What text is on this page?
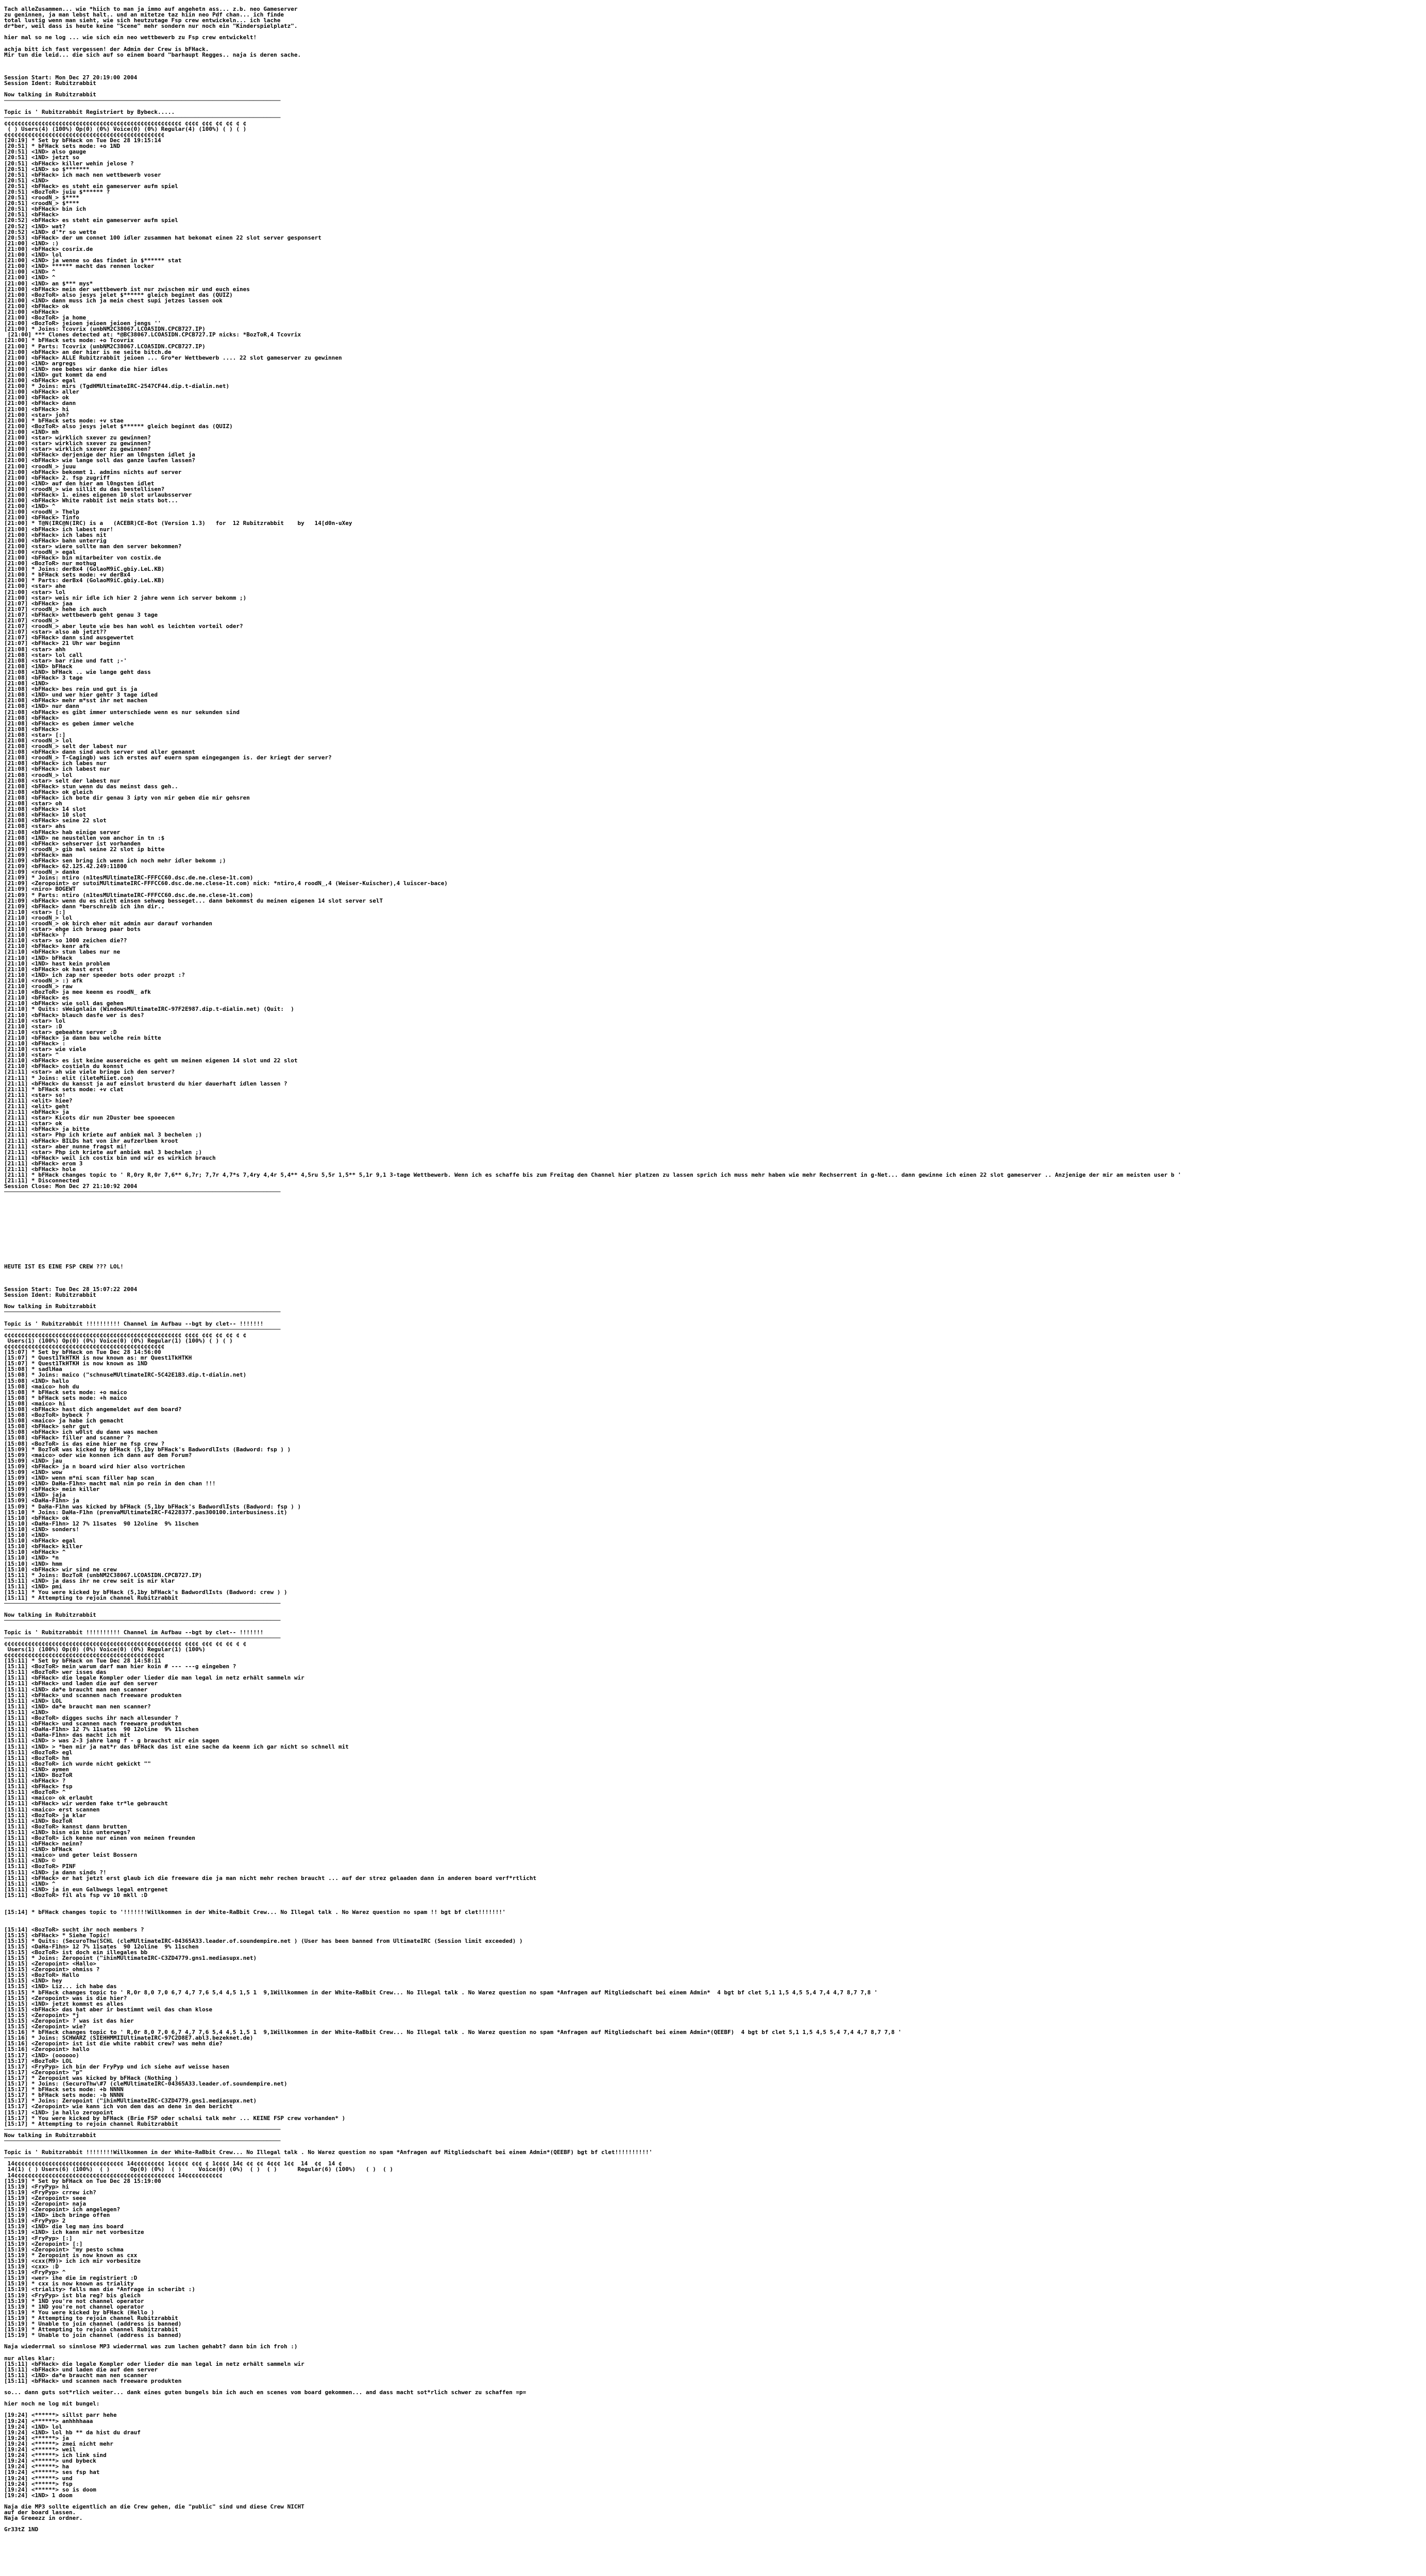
Tach alleZusammen... wie *hiich to man ja immo auf angehetn ass... z.b. neo Gameserver
zu geninnen, ja man lebst halt.. und an mitetze taz hiin neo Pdf chan... ich finde
total lustig wenn man sieht, wie sich heutzutage Fsp crew entwickeln... ich lache
dr*ber, weil dass is heute keine "Scene" mehr sondern nur noch ein "Kinderspielplatz".

hier mal so ne log ... wie sich ein neo wettbewerb zu Fsp crew entwickelt!

achja bitt ich fast vergessen! der Admin der Crew is bFHack.
Mir tun die leid... die sich auf so einem board "barhaupt Regges.. naja is deren sache.

Session Start: Mon Dec 27 20:19:00 2004
Session Ident: Rubitzrabbit

Now talking in Rubitzrabbit
─────────────────────────────────────────────────────────────────────────────────

Topic is ' Rubitzrabbit Registriert by Bybeck.....
─────────────────────────────────────────────────────────────────────────────────
¢¢¢¢¢¢¢¢¢¢¢¢¢¢¢¢¢¢¢¢¢¢¢¢¢¢¢¢¢¢¢¢¢¢¢¢¢¢¢¢¢¢¢¢¢¢¢¢¢¢¢¢ ¢¢¢¢ ¢¢¢ ¢¢ ¢¢ ¢ ¢
( ) Users(4) (100%) Op(0) (0%) Voice(0) (0%) Regular(4) (100%) ( ) ( )
¢¢¢¢¢¢¢¢¢¢¢¢¢¢¢¢¢¢¢¢¢¢¢¢¢¢¢¢¢¢¢¢¢¢¢¢¢¢¢¢¢¢¢¢¢¢¢
[20:19] * Set by bFHack on Tue Dec 28 19:15:14
[20:51] * bFHack sets mode: +o 1ND
[20:51] <1ND> also gauge
[20:51] <1ND> jetzt so
[20:51] <bFHack> killer wehin jelose ?
[20:51] <1ND> so $*******
[20:51] <bFHack> ich mach nen wettbewerb voser
[20:51] <1ND>
[20:51] <bFHack> es steht ein gameserver aufm spiel
[20:51] <BozToR> juiu $****** ?
[20:51] <roodN_> $****
[20:51] <roodN_> $****
[20:51] <bFHack> bin ich
[20:51] <bFHack>
[20:52] <bFHack> es steht ein gameserver aufm spiel
[20:52] <1ND> wat?
[20:52] <1ND> d'*r so wette
[20:53] <bFHack> der um connet 100 idler zusammen hat bekomat einen 22 slot server gesponsert
[21:00] <1ND> :)
[21:00] <bFHack> cosrix.de
[21:00] <1ND> lol
[21:00] <1ND> ja wenne so das findet in $****** stat
[21:00] <1ND> ****** macht das rennen locker
[21:00] <1ND> ^
[21:00] <1ND> ^
[21:00] <1ND> an $*** mys*
[21:00] <bFHack> mein der wettbewerb ist nur zwischen mir und euch eines
[21:00] <BozToR> also jesys jelet $****** gleich beginnt das (QUIZ)
[21:00] <1ND> dann muss ich ja mein chest supi jetzes lassen ook
[21:00] <bFHack> ok
[21:00] <bFHack>
[21:00] <BozToR> ja home
[21:00] <BozToR> jeioen jeioen jeioen jengs ''
[21:00] * Joins: Tcovrix (unbNM2C38067.LCOA5IDN.CPCB727.IP)
[21:00] *** Clones detected at: *@BC38067.LCOA5IDN.CPCB727.IP nicks: *BozToR,4 Tcovrix
[21:00] * bFHack sets mode: +o Tcovrix
[21:00] * Parts: Tcovrix (unbNM2C38067.LCOA5IDN.CPCB727.IP)
[21:00] <bFHack> an der hier is ne seite bitch.de
[21:00] <bFHack> ALLE Rubitzrabbit jeioen ... Gro*er Wettbewerb .... 22 slot gameserver zu gewinnen
[21:00] <1ND> argregs
[21:00] <1ND> nee bebes wir danke die hier idles
[21:00] <1ND> gut kommt da end
[21:00] <bFHack> egal
[21:00] * Joins: mirs (TgdHMUltimateIRC-2547CF44.dip.t-dialin.net)
[21:00] <bFHack> aller
[21:00] <bFHack> ok
[21:00] <bFHack> dann
[21:00] <bFHack> hi
[21:00] <star> joh?
[21:00] * bFHack sets mode: +v stae
[21:00] <BozToR> also jesys jelet $****** gleich beginnt das (QUIZ)
[21:00] <1ND> mh
[21:00] <star> wirklich sxever zu gewinnen?
[21:00] <star> wirklich sxever zu gewinnen?
[21:00] <star> wirklich sxever zu gewinnen?
[21:00] <bFHack> derjenige der hier am l0ngsten idlet ja
[21:00] <bFHack> wie lange soll das ganze laufen lassen?
[21:00] <roodN_> juuu
[21:00] <bFHack> bekommt 1. admins nichts auf server
[21:00] <bFHack> 2. fsp zugriff
[21:00] <1ND> auf den hier am l0ngsten idlet
[21:00] <roodN_> wie sillit du das bestellisen?
[21:00] <bFHack> 1. eines eigenen 10 slot urlaubsserver
[21:00] <bFHack> White rabbit ist mein stats bot...
[21:00] <1ND> ^
[21:00] <roodN_> Thelp
[21:00] <bFHack> Tinfo
[21:00] * T@N(IRC@N(IRC) is a   (ACEBR)CE-Bot (Version 1.3)   for  12 Rubitzrabbit    by   14[d0n-uXey
[21:00] <bFHack> ich labest nur!
[21:00] <bFHack> ich labes nit
[21:00] <bFHack> bahn unterrig
[21:00] <star> wiere sollte man den server bekommen?
[21:00] <roodN_> egal
[21:00] <bFHack> bin mitarbeiter von costix.de
[21:00] <BozToR> nur mothug
[21:00] * Joins: derBx4 (GolaoM9iC.gbiy.LeL.KB)
[21:00] * bFHack sets mode: +v derBx4
[21:00] * Parts: derBx4 (GolaoM9iC.gbiy.LeL.KB)
[21:00] <star> ahe
[21:00] <star> lol
[21:00] <star> weis nir idle ich hier 2 jahre wenn ich server bekomm ;)
[21:07] <bFHack> jaa
[21:07] <roodN_> hehe ich auch
[21:07] <bFHack> wettbewerb geht genau 3 tage
[21:07] <roodN_>
[21:07] <roodN_> aber leute wie bes han wohl es leichten vorteil oder?
[21:07] <star> also ab jetzt??
[21:07] <bFHack> dann sind ausgewertet
[21:07] <bFHack> 21 Uhr war beginn
[21:08] <star> ahh
[21:08] <star> lol call
[21:08] <star> bar rine und fatt ;-'
[21:08] <1ND> bFHack
[21:08] <1ND> bFHack .. wie lange geht dass
[21:08] <bFHack> 3 tage
[21:08] <1ND>
[21:08] <bFHack> bes rein und gut is ja
[21:08] <1ND> und wer hier gehtr 3 tage idled
[21:08] <bFHack> mehr m*sst ihr net machen
[21:08] <1ND> nur dann
[21:08] <bFHack> es gibt immer unterschiede wenn es nur sekunden sind
[21:08] <bFHack>
[21:08] <bFHack> es geben immer welche
[21:08] <bFHack>
[21:08] <star> [:]
[21:08] <roodN_> lol
[21:08] <roodN_> selt der labest nur
[21:08] <bFHack> dann sind auch server und aller genannt
[21:08] <roodN_> T-Cagingb) was ich erstes auf euern spam eingegangen is. der kriegt der server?
[21:08] <bFHack> ich labes nur
[21:08] <bFHack> ich labest nur
[21:08] <roodN_> lol
[21:08] <star> selt der labest nur
[21:08] <bFHack> stun wenn du das meinst dass geh..
[21:08] <bFHack> ok gleich
[21:08] <bFHack> ich bote dir genau 3 ipty von mir geben die mir gehsren
[21:08] <star> oh
[21:08] <bFHack> 14 slot
[21:08] <bFHack> 10 slot
[21:08] <bFHack> seine 22 slot
[21:08] <star> ahs
[21:08] <bFHack> hab einige server
[21:08] <1ND> ne neustellen vom anchor in tn :$
[21:08] <bFHack> sehserver ist vorhanden
[21:09] <roodN_> gib mal seine 22 slot ip bitte
[21:09] <bFHack> man
[21:09] <bFHack> sen bring ich wenn ich noch mehr idler bekomm ;)
[21:09] <bFHack> 62.125.42.249:11800
[21:09] <roodN_> danke
[21:09] * Joins: ntiro (n1tesMUltimateIRC-FFFCC60.dsc.de.ne.clese-1t.com)
[21:09] <Zeropoint> or sutoiMUltimateIRC-FFFCC60.dsc.de.ne.clese-1t.com) nick: *ntiro,4 roodN_,4 (Weiser-Kuischer),4 luiscer-bace)
[21:09] <niro> BOGEWT
[21:09] * Parts: ntiro (n1tesMUltimateIRC-FFFCC60.dsc.de.ne.clese-1t.com)
[21:09] <bFHack> wenn du es nicht einsen sehweg besseget... dann bekommst du meinen eigenen 14 slot server selT
[21:09] <bFHack> dann *berschreib ich ihn dir..
[21:10] <star> [:]
[21:10] <roodN_> lol
[21:10] <roodN_> ok birch eher mit admin aur darauf vorhanden
[21:10] <star> ehge ich brauog paar bots
[21:10] <bFHack> ?
[21:10] <star> so 1000 zeichen die??
[21:10] <bFHack> kenr afk
[21:10] <bFHack> stun labes nur ne
[21:10] <1ND> bFHack
[21:10] <1ND> hast kein problem
[21:10] <bFHack> ok hast erst
[21:10] <1ND> ich zap ner speeder bots oder prozpt :?
[21:10] <roodN_> :) afk
[21:10] <roodN_> raw
[21:10] <BozToR> ja mee keenm es roodN_ afk
[21:10] <bFHack> es
[21:10] <bFHack> wie soll das gehen
[21:10] * Quits: sWeignlain (WindowsMUltimateIRC-97F2E987.dip.t-dialin.net) (Quit:  )
[21:10] <bFHack> blauch dasfe wer is des?
[21:10] <star> lol
[21:10] <star> :D
[21:10] <star> gebeahte server :D
[21:10] <bFHack> ja dann bau welche rein bitte
[21:10] <bFHack> :
[21:10] <star> wie viele
[21:10] <star> ^
[21:10] <bFHack> es ist keine ausereiche es geht um meinen eigenen 14 slot und 22 slot
[21:10] <bFHack> costieln du konnst
[21:11] <star> ah wie viele bringe ich den server?
[21:11] * Joins: elit (ileteMiiet.com)
[21:11] <bFHack> du kansst ja auf einslot brusterd du hier dauerhaft idlen lassen ?
[21:11] * bFHack sets mode: +v clat
[21:11] <star> so!
[21:11] <elit> hiee?
[21:11] <elit> geht
[21:11] <bFHack> ja
[21:11] <star> Kicots dir nun 2Duster bee spoeecen
[21:11] <star> ok
[21:11] <bFHack> ja bitte
[21:11] <star> Php ich kriete auf anbiek mal 3 bechelen ;)
[21:11] <bFHack> BILDs hat von ihr aufzerlben kroot
[21:11] <star> aber nunne fragst mi!
[21:11] <star> Php ich kriete auf anbiek mal 3 bechelen ;)
[21:11] <bFHack> weil ich costix bin und wir es wirkich brauch
[21:11] <bFHack> erom 3
[21:11] <bFHack> hole
[21:11] * bFHack changes topic to ' R,0ry R,0r 7,6** 6,7r; 7,7r 4,7*s 7,4ry 4,4r 5,4** 4,5ru 5,5r 1,5** 5,1r 9,1 3-tage Wettbewerb. Wenn ich es schaffe bis zum Freitag den Channel hier platzen zu lassen sprich ich muss mehr haben wie mehr Rechserrent in g-Net... dann gewinne ich einen 22 slot gameserver .. Anzjenige der mir am meisten user b '
[21:11] * Disconnected
Session Close: Mon Dec 27 21:10:92 2004
─────────────────────────────────────────────────────────────────────────────────

HEUTE IST ES EINE FSP CREW ??? LOL!

Session Start: Tue Dec 28 15:07:22 2004
Session Ident: Rubitzrabbit

Now talking in Rubitzrabbit
─────────────────────────────────────────────────────────────────────────────────

Topic is ' Rubitzrabbit !!!!!!!!!! Channel im Aufbau --bgt by clet-- !!!!!!!
─────────────────────────────────────────────────────────────────────────────────
¢¢¢¢¢¢¢¢¢¢¢¢¢¢¢¢¢¢¢¢¢¢¢¢¢¢¢¢¢¢¢¢¢¢¢¢¢¢¢¢¢¢¢¢¢¢¢¢¢¢¢¢ ¢¢¢¢ ¢¢¢ ¢¢ ¢¢ ¢ ¢
Users(1) (100%) Op(0) (0%) Voice(0) (0%) Regular(1) (100%) ( ) ( )
¢¢¢¢¢¢¢¢¢¢¢¢¢¢¢¢¢¢¢¢¢¢¢¢¢¢¢¢¢¢¢¢¢¢¢¢¢¢¢¢¢¢¢¢¢¢¢
[15:07] * Set by bFHack on Tue Dec 28 14:56:00
[15:07] * Quest1TkHTKH is now known as: mr Quest1TkHTKH
[15:07] * Quest1TkHTKH is now known as 1ND
[15:08] * sadlHaa
[15:08] * Joins: maico ("schnuseMUltimateIRC-5C42E1B3.dip.t-dialin.net)
[15:08] <1ND> hallo
[15:08] <maico> hoh du
[15:08] * bFHack sets mode: +o maico
[15:08] * bFHack sets mode: +h maico
[15:08] <maico> hi
[15:08] <bFHack> hast dich angemeldet auf dem board?
[15:08] <BozToR> bybeck ?
[15:08] <maico> ja habe ich gemacht
[15:08] <bFHack> sehr gut
[15:08] <bFHack> ich w0lst du dann was machen
[15:08] <bFHack> filler and scanner ?
[15:08] <BozToR> is das eine hier ne fsp crew ?
[15:09] * BozToR was kicked by bFHack (5,1by bFHack's BadwordlIsts (Badword: fsp ) )
[15:09] <maico> oder wie konnen ich dann auf dem Forum?
[15:09] <1ND> jau
[15:09] <bFHack> ja n board wird hier also vortrichen
[15:09] <1ND> wow
[15:09] <1ND> wenn m*ni scan filler hap scan
[15:09] <1ND> DaHa-F1hn> macht mal nim po rein in den chan !!!
[15:09] <bFHack> mein killer
[15:09] <1ND> jaja
[15:09] <DaHa-F1hn> ja
[15:09] * DaHa-F1hn was kicked by bFHack (5,1by bFHack's BadwordlIsts (Badword: fsp ) )
[15:10] * Joins: DaHa-F1hn (prenvaMUltimateIRC-F4228377.pas300100.interbusiness.it)
[15:10] <bFHack> ok
[15:10] <DaHa-F1hn> 12 7% 11sates  90 12oline  9% 11schen
[15:10] <1ND> sonders!
[15:10] <1ND>
[15:10] <bFHack> egal
[15:10] <bFHack> killer
[15:10] <bFHack> ^
[15:10] <1ND> *n
[15:10] <1ND> hmm
[15:10] <bFHack> wir sind ne crew
[15:11] * Joins: BozToR (unbNM2C38067.LCOA5IDN.CPCB727.IP)
[15:11] <1ND> ja dass ihr ne crew seit is mir klar
[15:11] <1ND> pmi
[15:11] * You were kicked by bFHack (5,1by bFHack's BadwordlIsts (Badword: crew ) )
[15:11] * Attempting to rejoin channel Rubitzrabbit
─────────────────────────────────────────────────────────────────────────────────

Now talking in Rubitzrabbit
─────────────────────────────────────────────────────────────────────────────────

Topic is ' Rubitzrabbit !!!!!!!!!! Channel im Aufbau --bgt by clet-- !!!!!!!
─────────────────────────────────────────────────────────────────────────────────
¢¢¢¢¢¢¢¢¢¢¢¢¢¢¢¢¢¢¢¢¢¢¢¢¢¢¢¢¢¢¢¢¢¢¢¢¢¢¢¢¢¢¢¢¢¢¢¢¢¢¢¢ ¢¢¢¢ ¢¢¢ ¢¢ ¢¢ ¢ ¢
Users(1) (100%) Op(0) (0%) Voice(0) (0%) Regular(1) (100%)
¢¢¢¢¢¢¢¢¢¢¢¢¢¢¢¢¢¢¢¢¢¢¢¢¢¢¢¢¢¢¢¢¢¢¢¢¢¢¢¢¢¢¢¢¢¢¢
[15:11] * Set by bFHack on Tue Dec 28 14:58:11
[15:11] <BozToR> mein warum darf man hier koin # --- ---g eingeben ?
[15:11] <BozToR> wer isses das
[15:11] <bFHack> die legale Kompler oder lieder die man legal im netz erhält sammeln wir
[15:11] <bFHack> und laden die auf den server
[15:11] <1ND> da*e braucht man nen scanner
[15:11] <bFHack> und scannen nach freeware produkten
[15:11] <1ND> LOL
[15:11] <1ND> da*e braucht man nen scanner?
[15:11] <1ND>
[15:11] <BozToR> digges suchs ihr nach allesunder ?
[15:11] <bFHack> und scannen nach freeware produkten
[15:11] <DaHa-F1hn> 12 7% 11sates  90 12oline  9% 11schen
[15:11] <DaHa-F1hn> das macht ich mit
[15:11] <1ND> > was 2-3 jahre lang f - g brauchst mir ein sagen
[15:11] <1ND> > *ben mir ja nat*r das bFHack das ist eine sache da keenm ich gar nicht so schnell mit
[15:11] <BozToR> egl
[15:11] <BozToR> hm
[15:11] <BozToR> ich wurde nicht gekickt ""
[15:11] <1ND> aymen
[15:11] <1ND> BozToR
[15:11] <bFHack> ?
[15:11] <bFHack> fsp
[15:11] <BozToR> ^
[15:11] <maico> ok erlaubt
[15:11] <bFHack> wir werden fake tr*le gebraucht
[15:11] <maico> erst scannen
[15:11] <BozToR> ja klar
[15:11] <1ND> BozToR
[15:11] <BozToR> kannst dann brutten
[15:11] <1ND> bisn ein bin unterwegs?
[15:11] <BozToR> ich kenne nur einen von meinen freunden
[15:11] <bFHack> neinn?
[15:11] <1ND> bFHack
[15:11] <maico> und geter leist Bossern
[15:11] <1ND> ©
[15:11] <BozToR> PINF
[15:11] <1ND> ja dann sinds ?!
[15:11] <bFHack> er hat jetzt erst glaub ich die freeware die ja man nicht mehr rechen braucht ... auf der strez gelaaden dann in anderen board verf*rtlicht
[15:11] <1ND> ^
[15:11] <1ND> ja in eun Galbwegs legal entrgenet
[15:11] <BozToR> fil als fsp vv 10 mkll :D

[15:14] * bFHack changes topic to '!!!!!!!Willkommen in der White-RaBbit Crew... No Illegal talk . No Warez question no spam !! bgt bf clet!!!!!!!'

[15:14] <BozToR> sucht ihr noch members ?
[15:15] <bFHack> * Siehe Topic!
[15:15] * Quits: (SecuroThw(SCHL (cleMUltimateIRC-04365A33.leader.of.soundempire.net ) (User has been banned from UltimateIRC (Session limit exceeded) )
[15:15] <DaHa-F1hn> 12 7% 11sates  90 12oline  9% 11schen
[15:15] <BozToR> ist doch ein illegales bb
[15:15] * Joins: Zeropoint ("ihinMUltimateIRC-C3ZD4779.gns1.mediasupx.net)
[15:15] <Zeropoint> <Hallo>
[15:15] <Zeropoint> ohmiss ?
[15:15] <BozToR> Hallo
[15:15] <1ND> hey
[15:15] <1ND> Liz... ich habe das
[15:15] * bFHack changes topic to ' R,0r 8,0 7,0 6,7 4,7 7,6 5,4 4,5 1,5 1  9,1Willkommen in der White-RaBbit Crew... No Illegal talk . No Warez question no spam *Anfragen auf Mitgliedschaft bei einem Admin*  4 bgt bf clet 5,1 1,5 4,5 5,4 7,4 4,7 8,7 7,8 '
[15:15] <Zeropoint> was is die hier?
[15:15] <1ND> jetzt kommst es alles
[15:15] <bFHack> das hat aber ir bestimmt weil das chan klose
[15:15] <Zeropoint> *j
[15:15] <Zeropoint> ? was ist das hier
[15:15] <Zeropoint> wie?
[15:16] * bFHack changes topic to ' R,0r 8,0 7,0 6,7 4,7 7,6 5,4 4,5 1,5 1  9,1Willkommen in der White-RaBbit Crew... No Illegal talk . No Warez question no spam *Anfragen auf Mitgliedschaft bei einem Admin*(QEEBF)  4 bgt bf clet 5,1 1,5 4,5 5,4 7,4 4,7 8,7 7,8 '
[15:16] * Joins: SCHWARZ (SIEHHMMIIUltimateIRC-97C2D8E7.abl3.bezeknet.de)
[15:16] <Zeropoint> ist ist die white rabbit crew? was mehn die?
[15:16] <Zeropoint> hallo
[15:17] <1ND> (oooooo)
[15:17] <BozToR> LOL
[15:17] <FryPyp> ich bin der FryPyp und ich siehe auf weisse hasen
[15:17] <Zeropoint> "p"
[15:17] * Zeropoint was kicked by bFHack (Nothing )
[15:17] * Joins: (SecuroThw\#7 (cleMUltimateIRC-04365A33.leader.of.soundempire.net)
[15:17] * bFHack sets mode: +b NNNN
[15:17] * bFHack sets mode: -b NNNN
[15:17] * Joins: Zeropoint ("ihinMUltimateIRC-C3ZD4779.gns1.mediasupx.net)
[15:17] <Zeropoint> wie kann ich von dem das an dene in den bericht
[15:17] <1ND> ja hallo zeropoint
[15:17] * You were kicked by bFHack (Brie FSP oder schalsi talk mehr ... KEINE FSP crew vorhanden* )
[15:17] * Attempting to rejoin channel Rubitzrabbit
─────────────────────────────────────────────────────────────────────────────────
Now talking in Rubitzrabbit
─────────────────────────────────────────────────────────────────────────────────

Topic is ' Rubitzrabbit !!!!!!!!Willkommen in der White-RaBbit Crew... No Illegal talk . No Warez question no spam *Anfragen auf Mitgliedschaft bei einem Admin*(QEEBF) bgt bf clet!!!!!!!!!!'
─────────────────────────────────────────────────────────────────────────────────
14¢¢¢¢¢¢¢¢¢¢¢¢¢¢¢¢¢¢¢¢¢¢¢¢¢¢¢¢¢¢¢¢ 14¢¢¢¢¢¢¢¢¢ 1¢¢¢¢¢ ¢¢¢ ¢ 1¢¢¢¢ 14¢ ¢¢ ¢¢ 4¢¢¢ 1¢¢  14  ¢¢  14 ¢
14(1) ( ) Users(6) (100%)  ( )      Op(0) (0%)  ( )     Voice(0) (0%)  ( )  ( )      Regular(6) (100%)   ( )  ( )
14¢¢¢¢¢¢¢¢¢¢¢¢¢¢¢¢¢¢¢¢¢¢¢¢¢¢¢¢¢¢¢¢¢¢¢¢¢¢¢¢¢¢¢¢¢¢¢ 14¢¢¢¢¢¢¢¢¢¢¢
[15:19] * Set by bFHack on Tue Dec 28 15:19:00
[15:19] <FryPyp> hi
[15:19] <FryPyp> crrew ich?
[15:19] <Zeropoint> seee
[15:19] <Zeropoint> naja
[15:19] <Zeropoint> ich angelegen?
[15:19] <1ND> ibch bringe offen
[15:19] <FryPyp> 2
[15:19] <1ND> die leg man ins board
[15:19] <1ND> ich kann mir net vorbesitze
[15:19] <FryPyp> [:]
[15:19] <Zeropoint> [:]
[15:19] <Zeropoint> "my pesto schma
[15:19] * Zeropoint is now known as cxx
[15:19] <cxx(M9)> ich ich mir vorbesitze
[15:19] <cxx> :D
[15:19] <FryPyp> ^
[15:19] <wer> ihe die im registriert :D
[15:19] * cxx is now known as triality
[15:19] <triality> falls man die *Anfrage in scheribt :)
[15:19] <FryPyp> ist bla reg? bis gleich
[15:19] * 1ND you're not channel operator
[15:19] * 1ND you're not channel operator
[15:19] * You were kicked by bFHack (Hello )
[15:19] * Attempting to rejoin channel Rubitzrabbit
[15:19] * Unable to join channel (address is banned)
[15:19] * Attempting to rejoin channel Rubitzrabbit
[15:19] * Unable to join channel (address is banned)

Naja wiederrmal so sinnlose MP3 wiederrmal was zum lachen gehabt? dann bin ich froh :)

nur alles klar:
[15:11] <bFHack> die legale Kompler oder lieder die man legal im netz erhält sammeln wir
[15:11] <bFHack> und laden die auf den server
[15:11] <1ND> da*e braucht man nen scanner
[15:11] <bFHack> und scannen nach freeware produkten

so... dann guts sot*rlich weiter... dank eines guten bungels bin ich auch en scenes vom board gekommen... and dass macht sot*rlich schwer zu schaffen =p=

hier noch ne log mit bungel:

[19:24] <******> sillst parr hehe
[19:24] <******> anhhhhaaa
[19:24] <1ND> lol
[19:24] <1ND> lol hb ** da hist du drauf
[19:24] <******> ja
[19:24] <******> zmei nicht mehr
[19:24] <******> weil
[19:24] <******> ich link sind
[19:24] <******> und bybeck
[19:24] <******> ha
[19:24] <******> ses fsp hat
[19:24] <******> und
[19:24] <******> fsp
[19:24] <******> so is doom
[19:24] <1ND> 1 doom

Naja die MP3 sollte eigentlich an die Crew gehen, die "public" sind und diese Crew NICHT
auf der board lassen.
Naja Greeezz in ordner.

Gr33tZ 1ND
